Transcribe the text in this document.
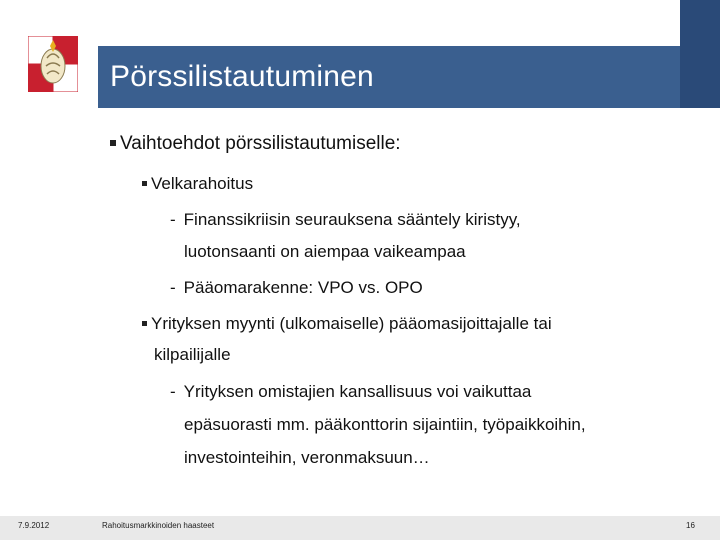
Pörssilistautuminen
Vaihtoehdot pörssilistautumiselle:
Velkarahoitus
- Finanssikriisin seurauksena sääntely kiristyy,
luotonsaanti on aiempaa vaikeampaa
- Pääomarakenne: VPO vs. OPO
Yrityksen myynti (ulkomaiselle) pääomasijoittajalle tai
kilpailijalle
- Yrityksen omistajien kansallisuus voi vaikuttaa
epäsuorasti mm. pääkonttorin sijaintiin, työpaikkoihin,
investointeihin, veronmaksuun…
7.9.2012	Rahoitusmarkkinoiden haasteet	16
